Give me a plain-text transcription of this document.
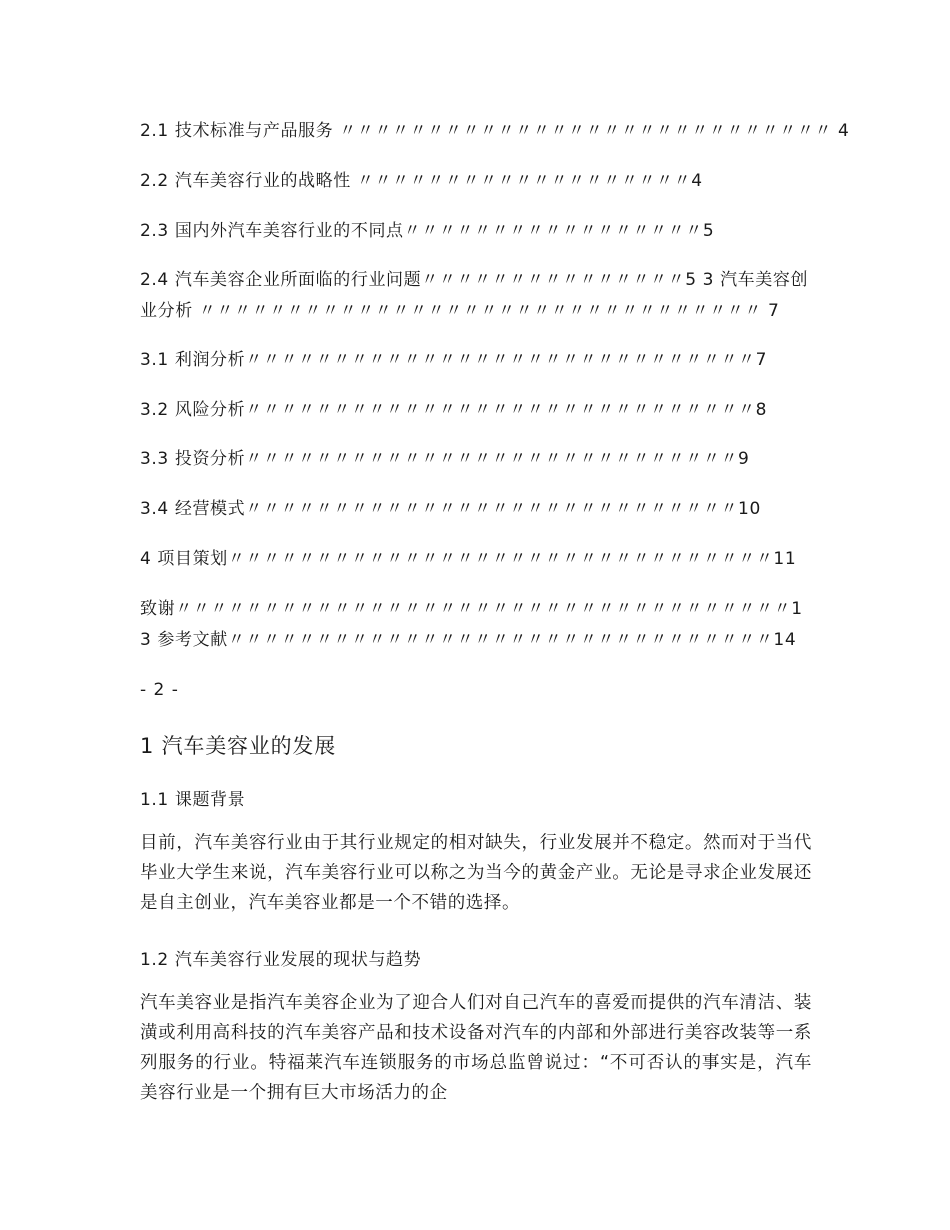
2.1 技术标准与产品服务 〃〃〃〃〃〃〃〃〃〃〃〃〃〃〃〃〃〃〃〃〃〃〃〃〃〃〃〃 4
2.2 汽车美容行业的战略性 〃〃〃〃〃〃〃〃〃〃〃〃〃〃〃〃〃〃〃4
2.3 国内外汽车美容行业的不同点〃〃〃〃〃〃〃〃〃〃〃〃〃〃〃〃〃5
2.4 汽车美容企业所面临的行业问题〃〃〃〃〃〃〃〃〃〃〃〃〃〃〃5 3 汽车美容创业分析 〃〃〃〃〃〃〃〃〃〃〃〃〃〃〃〃〃〃〃〃〃〃〃〃〃〃〃〃〃〃〃〃 7
3.1 利润分析〃〃〃〃〃〃〃〃〃〃〃〃〃〃〃〃〃〃〃〃〃〃〃〃〃〃〃〃〃7
3.2 风险分析〃〃〃〃〃〃〃〃〃〃〃〃〃〃〃〃〃〃〃〃〃〃〃〃〃〃〃〃〃8
3.3 投资分析〃〃〃〃〃〃〃〃〃〃〃〃〃〃〃〃〃〃〃〃〃〃〃〃〃〃〃〃9
3.4 经营模式〃〃〃〃〃〃〃〃〃〃〃〃〃〃〃〃〃〃〃〃〃〃〃〃〃〃〃〃10
4 项目策划〃〃〃〃〃〃〃〃〃〃〃〃〃〃〃〃〃〃〃〃〃〃〃〃〃〃〃〃〃〃〃11
致谢〃〃〃〃〃〃〃〃〃〃〃〃〃〃〃〃〃〃〃〃〃〃〃〃〃〃〃〃〃〃〃〃〃〃〃13 参考文献〃〃〃〃〃〃〃〃〃〃〃〃〃〃〃〃〃〃〃〃〃〃〃〃〃〃〃〃〃〃〃14
- 2 -
1 汽车美容业的发展
1.1 课题背景
目前，汽车美容行业由于其行业规定的相对缺失，行业发展并不稳定。然而对于当代毕业大学生来说，汽车美容行业可以称之为当今的黄金产业。无论是寻求企业发展还是自主创业，汽车美容业都是一个不错的选择。
1.2 汽车美容行业发展的现状与趋势
汽车美容业是指汽车美容企业为了迎合人们对自己汽车的喜爱而提供的汽车清洁、装潢或利用高科技的汽车美容产品和技术设备对汽车的内部和外部进行美容改装等一系列服务的行业。特福莱汽车连锁服务的市场总监曾说过：“不可否认的事实是，汽车美容行业是一个拥有巨大市场活力的企
